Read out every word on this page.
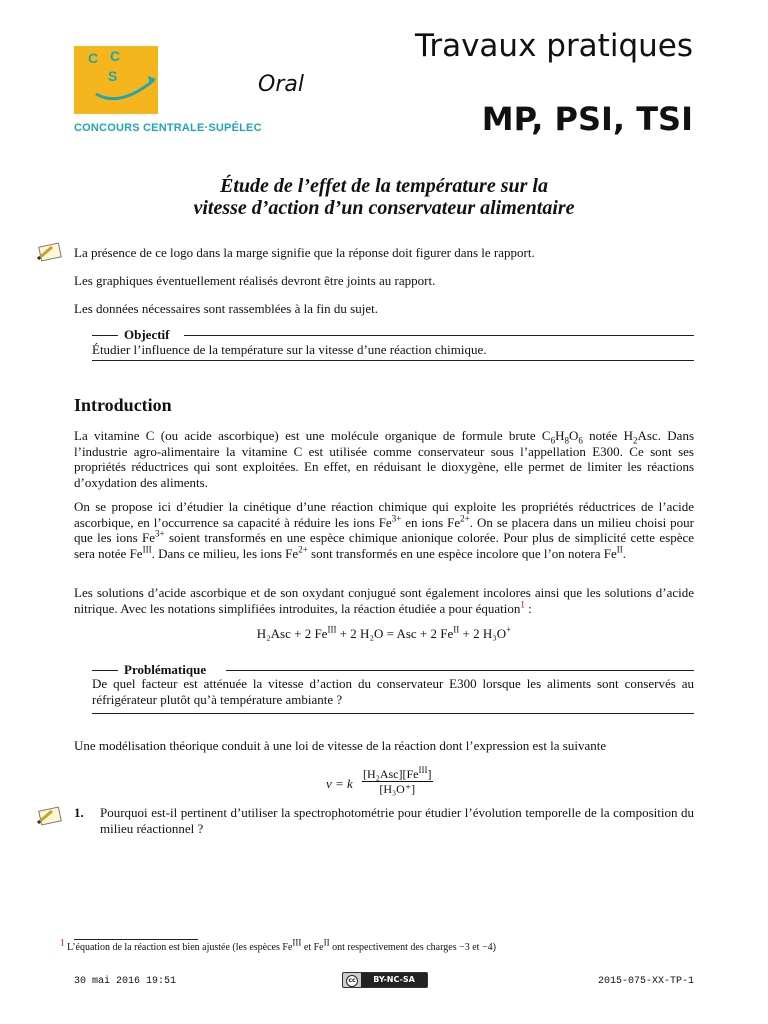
C C
S
CONCOURS CENTRALE·SUPÉLEC
Oral
Travaux pratiques
MP, PSI, TSI
Étude de l’effet de la température sur la
vitesse d’action d’un conservateur alimentaire
La présence de ce logo dans la marge signifie que la réponse doit figurer dans le rapport.
Les graphiques éventuellement réalisés devront être joints au rapport.
Les données nécessaires sont rassemblées à la fin du sujet.
Objectif
Étudier l’influence de la température sur la vitesse d’une réaction chimique.
Introduction
La vitamine C (ou acide ascorbique) est une molécule organique de formule brute $C_6H_8O_6$ notée $H_2Asc$. Dans l’industrie agro-alimentaire la vitamine C est utilisée comme conservateur sous l’appellation E300. Ce sont ses propriétés réductrices qui sont exploitées. En effet, en réduisant le dioxygène, elle permet de limiter les réactions d’oxydation des aliments.
On se propose ici d’étudier la cinétique d’une réaction chimique qui exploite les propriétés réductrices de l’acide ascorbique, en l’occurrence sa capacité à réduire les ions $Fe^{3+}$ en ions $Fe^{2+}$. On se placera dans un milieu choisi pour que les ions $Fe^{3+}$ soient transformés en une espèce chimique anionique colorée. Pour plus de simplicité cette espèce sera notée $Fe^{III}$. Dans ce milieu, les ions $Fe^{2+}$ sont transformés en une espèce incolore que l’on notera $Fe^{II}$.
Les solutions d’acide ascorbique et de son oxydant conjugué sont également incolores ainsi que les solutions d’acide nitrique. Avec les notations simplifiées introduites, la réaction étudiée a pour équation$^1$ :
H₂Asc + 2 $Fe^{III} + 2$ H₂O = Asc + 2 $Fe^{II} + 2$ H₃O+
Problématique
De quel facteur est atténuée la vitesse d’action du conservateur E300 lorsque les aliments sont conservés au réfrigérateur plutôt qu’à température ambiante ?
Une modélisation théorique conduit à une loi de vitesse de la réaction dont l’expression est la suivante
v = k
$[H_2Asc][Fe^{III}]$
[H₃O⁺]
1. Pourquoi est-il pertinent d’utiliser la spectrophotométrie pour étudier l’évolution temporelle de la composition du milieu réactionnel ?
$^1$ L’équation de la réaction est bien ajustée (les espèces $Fe^{III}$ et $Fe^{II}$ ont respectivement des charges −3 et −4)
30 mai 2016 19:51	cc	BY-NC-SA	2015-075-XX-TP-1
